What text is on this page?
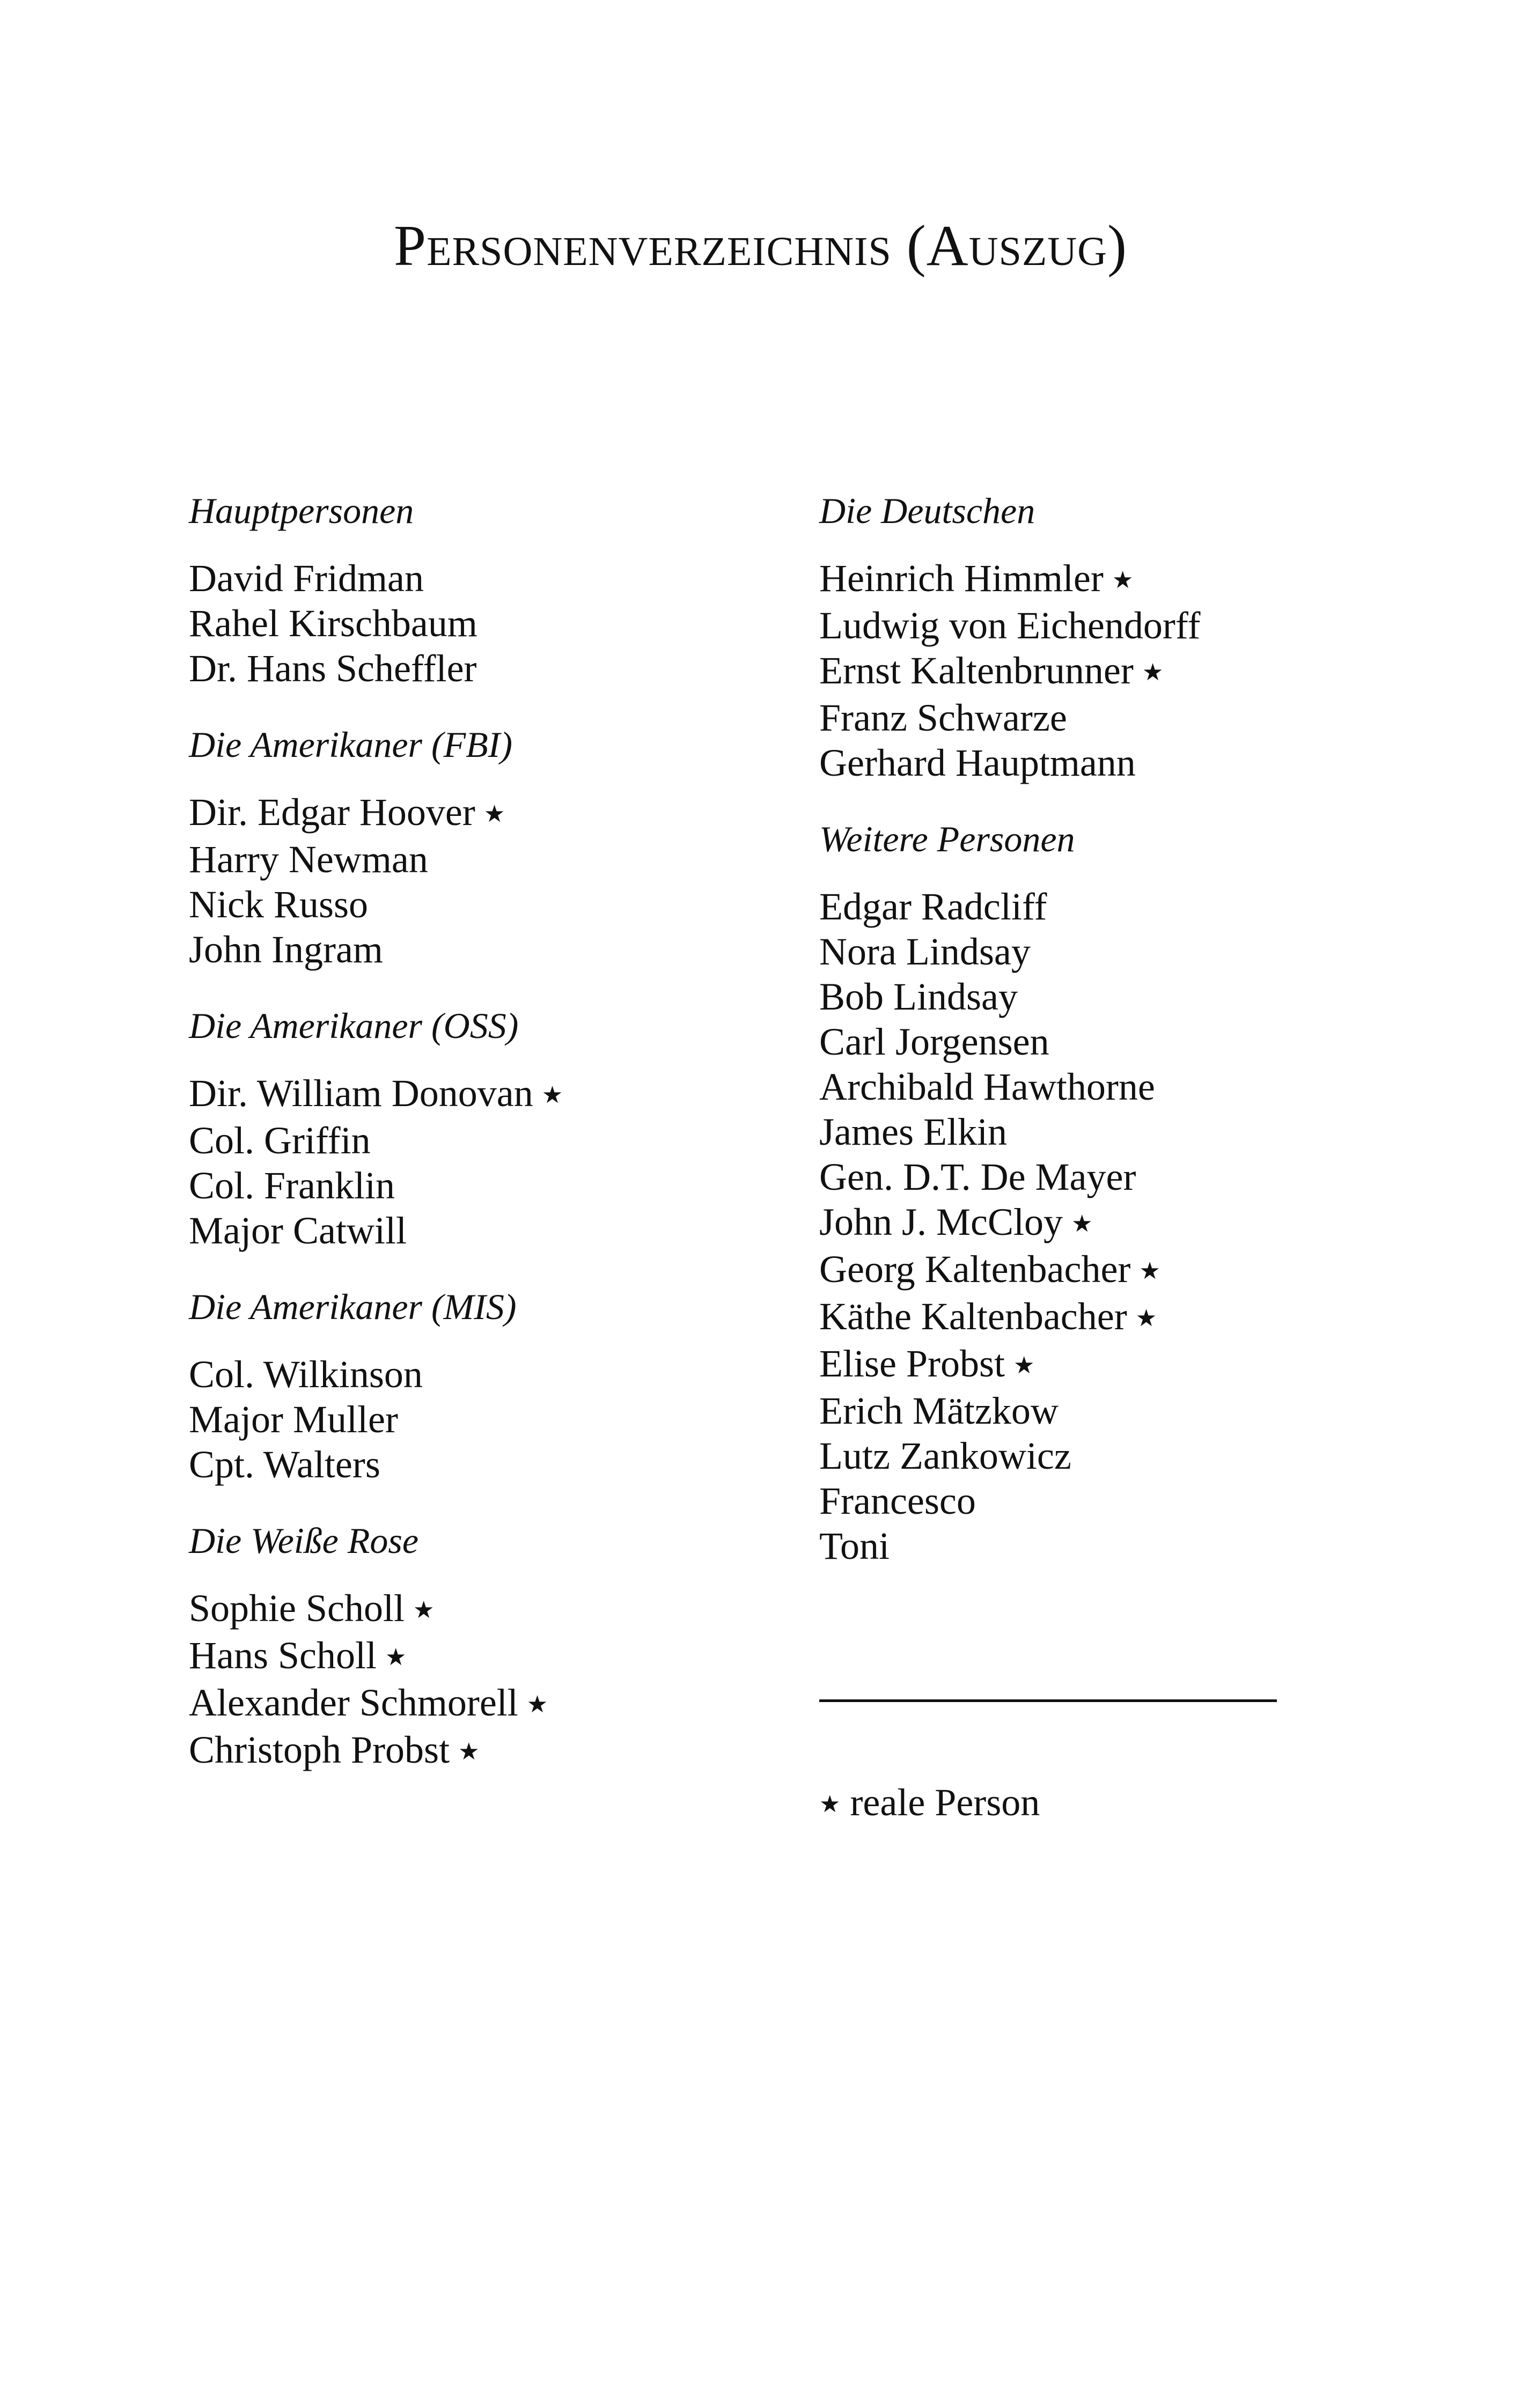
Personenverzeichnis (Auszug)
Hauptpersonen
David Fridman
Rahel Kirschbaum
Dr. Hans Scheffler
Die Amerikaner (FBI)
Dir. Edgar Hoover ★
Harry Newman
Nick Russo
John Ingram
Die Amerikaner (OSS)
Dir. William Donovan ★
Col. Griffin
Col. Franklin
Major Catwill
Die Amerikaner (MIS)
Col. Wilkinson
Major Muller
Cpt. Walters
Die Weiße Rose
Sophie Scholl ★
Hans Scholl ★
Alexander Schmorell ★
Christoph Probst ★
Die Deutschen
Heinrich Himmler ★
Ludwig von Eichendorff
Ernst Kaltenbrunner ★
Franz Schwarze
Gerhard Hauptmann
Weitere Personen
Edgar Radcliff
Nora Lindsay
Bob Lindsay
Carl Jorgensen
Archibald Hawthorne
James Elkin
Gen. D.T. De Mayer
John J. McCloy ★
Georg Kaltenbacher ★
Käthe Kaltenbacher ★
Elise Probst ★
Erich Mätzkow
Lutz Zankowicz
Francesco
Toni
★ reale Person
